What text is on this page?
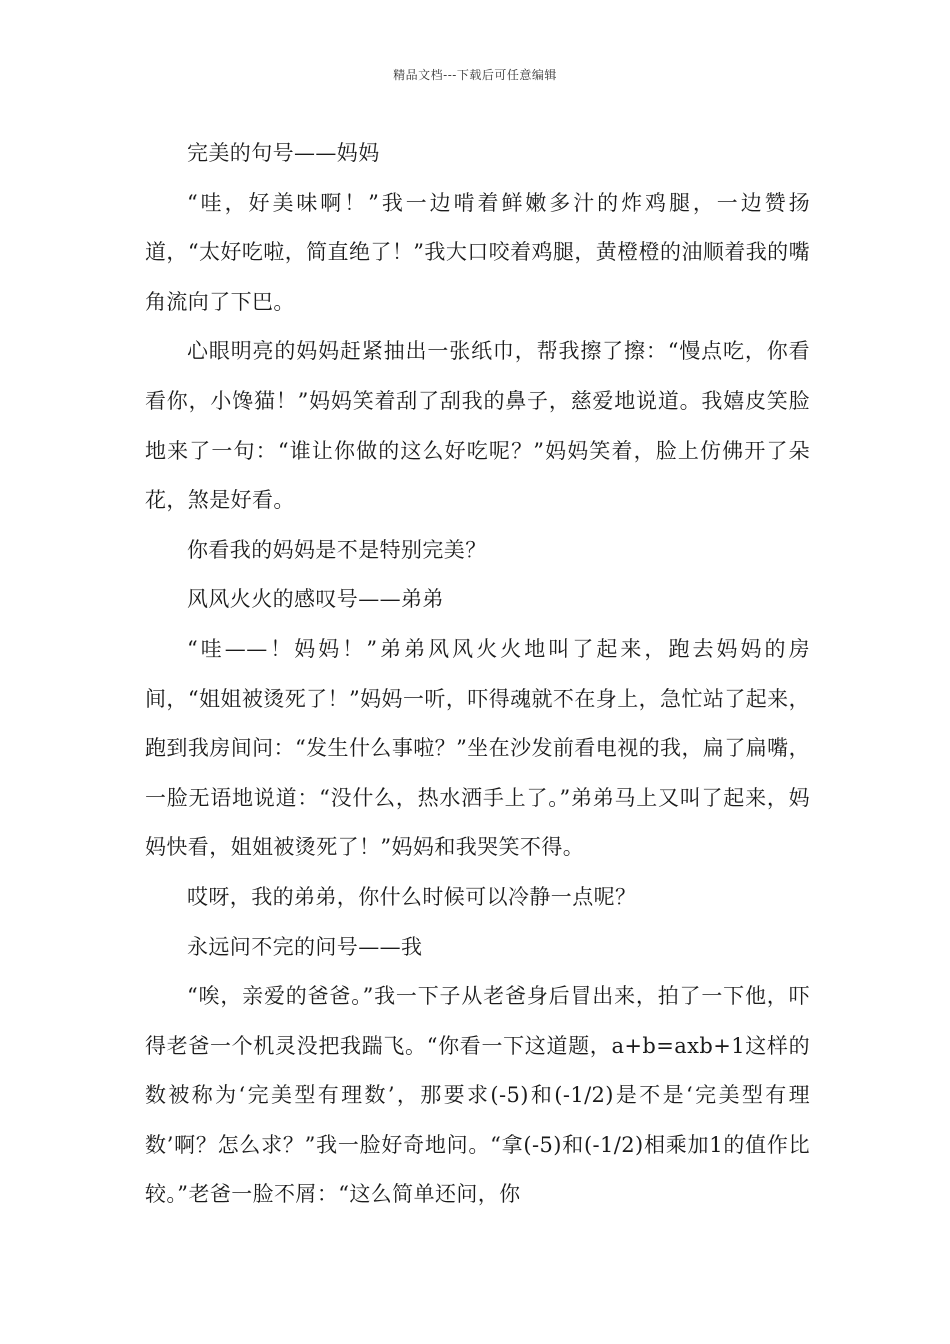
精品文档---下载后可任意编辑

完美的句号——妈妈

“哇，好美味啊！”我一边啃着鲜嫩多汁的炸鸡腿，一边赞扬道，“太好吃啦，简直绝了！”我大口咬着鸡腿，黄橙橙的油顺着我的嘴角流向了下巴。

心眼明亮的妈妈赶紧抽出一张纸巾，帮我擦了擦：“慢点吃，你看看你，小馋猫！”妈妈笑着刮了刮我的鼻子，慈爱地说道。我嬉皮笑脸地来了一句：“谁让你做的这么好吃呢？”妈妈笑着，脸上仿佛开了朵花，煞是好看。

你看我的妈妈是不是特别完美？

风风火火的感叹号——弟弟

“哇——！妈妈！”弟弟风风火火地叫了起来，跑去妈妈的房间，“姐姐被烫死了！”妈妈一听，吓得魂就不在身上，急忙站了起来，跑到我房间问：“发生什么事啦？”坐在沙发前看电视的我，扁了扁嘴，一脸无语地说道：“没什么，热水洒手上了。”弟弟马上又叫了起来，妈妈快看，姐姐被烫死了！”妈妈和我哭笑不得。

哎呀，我的弟弟，你什么时候可以冷静一点呢？

永远问不完的问号——我

“唉，亲爱的爸爸。”我一下子从老爸身后冒出来，拍了一下他，吓得老爸一个机灵没把我踹飞。“你看一下这道题，a+b=axb+1这样的数被称为‘完美型有理数’，那要求(-5)和(-1/2)是不是‘完美型有理数’啊？怎么求？”我一脸好奇地问。“拿(-5)和(-1/2)相乘加1的值作比较。”老爸一脸不屑：“这么简单还问，你
